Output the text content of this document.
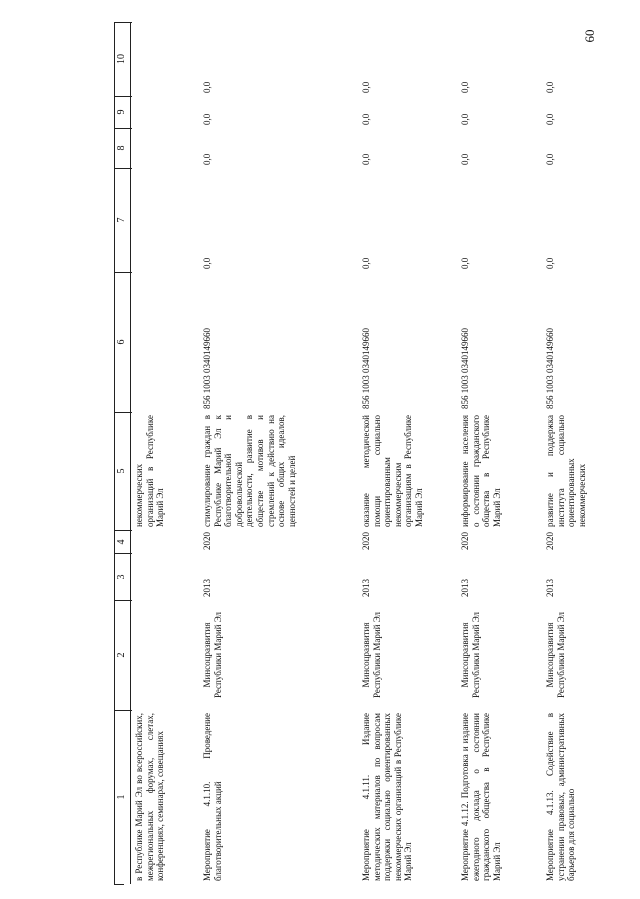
60
1
2
3
4
5
6
7
8
9
10
в Республике Марий Эл во всероссийских, межрегиональных форумах, слетах, конференциях, семинарах, совещаниях
некоммерческих организаций в Республике Марий Эл
Мероприятие 4.1.10. Проведение благотворительных акций
Минсоцразвития Республики Марий Эл
2013
2020
стимулирование граждан в Республике Марий Эл к благотворительной и добровольческой деятельности, развитие в обществе мотивов и стремлений к действию на основе общих идеалов, ценностей и целей
856 1003 0340149660
0,0
0,0
0,0
0,0
Мероприятие 4.1.11. Издание методических материалов по вопросам поддержки социально ориентированных некоммерческих организаций в Республике Марий Эл
Минсоцразвития Республики Марий Эл
2013
2020
оказание методической помощи социально ориентированным некоммерческим организациям в Республике Марий Эл
856 1003 0340149660
0,0
0,0
0,0
0,0
Мероприятие 4.1.12. Подготовка и издание ежегодного доклада о состоянии гражданского общества в Республике Марий Эл
Минсоцразвития Республики Марий Эл
2013
2020
информирование населения о состоянии гражданского общества в Республике Марий Эл
856 1003 0340149660
0,0
0,0
0,0
0,0
Мероприятие 4.1.13. Содействие в устранении правовых, административных барьеров для социально
Минсоцразвития Республики Марий Эл
2013
2020
развитие и поддержка института социально ориентированных некоммерческих
856 1003 0340149660
0,0
0,0
0,0
0,0
